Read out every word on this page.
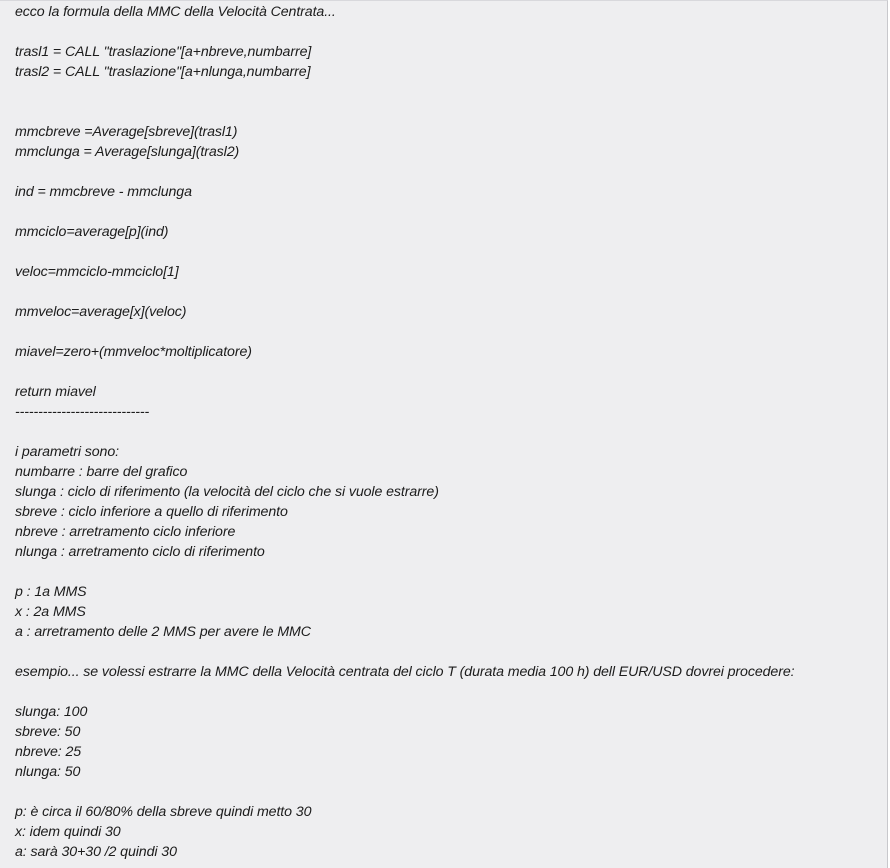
ecco la formula della MMC della Velocità Centrata...
trasl1 = CALL "traslazione"[a+nbreve,numbarre]
trasl2 = CALL "traslazione"[a+nlunga,numbarre]
mmcbreve =Average[sbreve](trasl1)
mmclunga = Average[slunga](trasl2)
ind = mmcbreve - mmclunga
mmciclo=average[p](ind)
veloc=mmciclo-mmciclo[1]
mmveloc=average[x](veloc)
miavel=zero+(mmveloc*moltiplicatore)
return miavel
-----------------------------
i parametri sono:
numbarre : barre del grafico
slunga : ciclo di riferimento (la velocità del ciclo che si vuole estrarre)
sbreve : ciclo inferiore a quello di riferimento
nbreve : arretramento ciclo inferiore
nlunga : arretramento ciclo di riferimento
p : 1a MMS
x : 2a MMS
a : arretramento delle 2 MMS per avere le MMC
esempio... se volessi estrarre la MMC della Velocità centrata del ciclo T (durata media 100 h) dell EUR/USD dovrei procedere:
slunga: 100
sbreve: 50
nbreve: 25
nlunga: 50
p: è circa il 60/80% della sbreve quindi metto 30
x: idem quindi 30
a: sarà 30+30 /2 quindi 30
